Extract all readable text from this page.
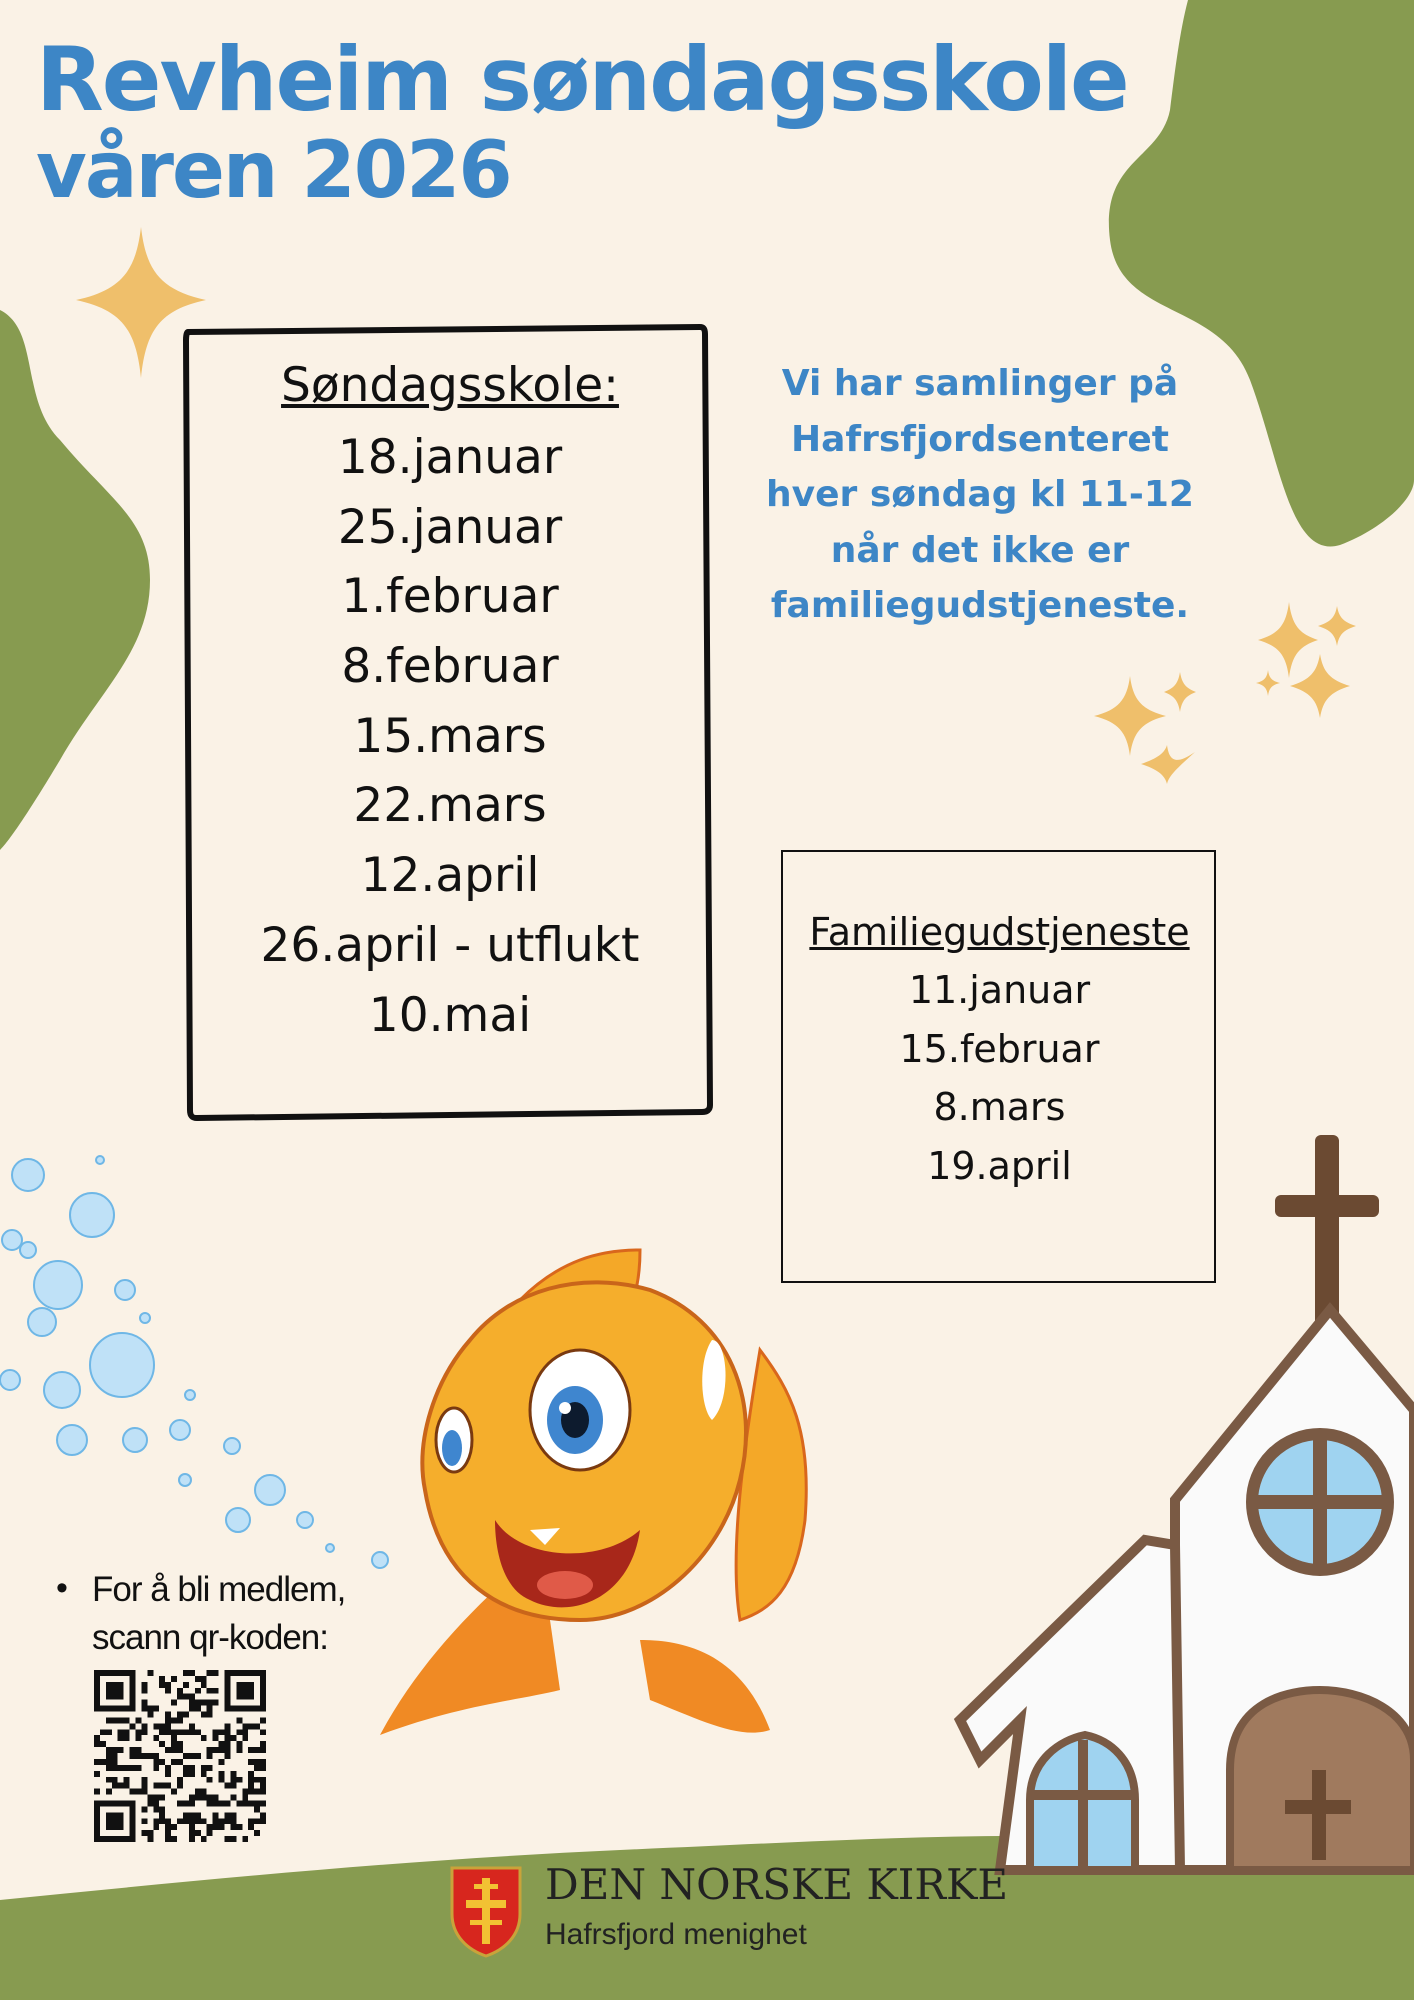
Revheim søndagsskole
våren 2026
Søndagsskole:
18.januar
25.januar
1.februar
8.februar
15.mars
22.mars
12.april
26.april - utflukt
10.mai
Vi har samlinger på Hafrsfjordsenteret hver søndag kl 11-12 når det ikke er familiegudstjeneste.
Familiegudstjeneste
11.januar
15.februar
8.mars
19.april
• For å bli medlem, scann qr-koden:
DEN NORSKE KIRKE
Hafrsfjord menighet
